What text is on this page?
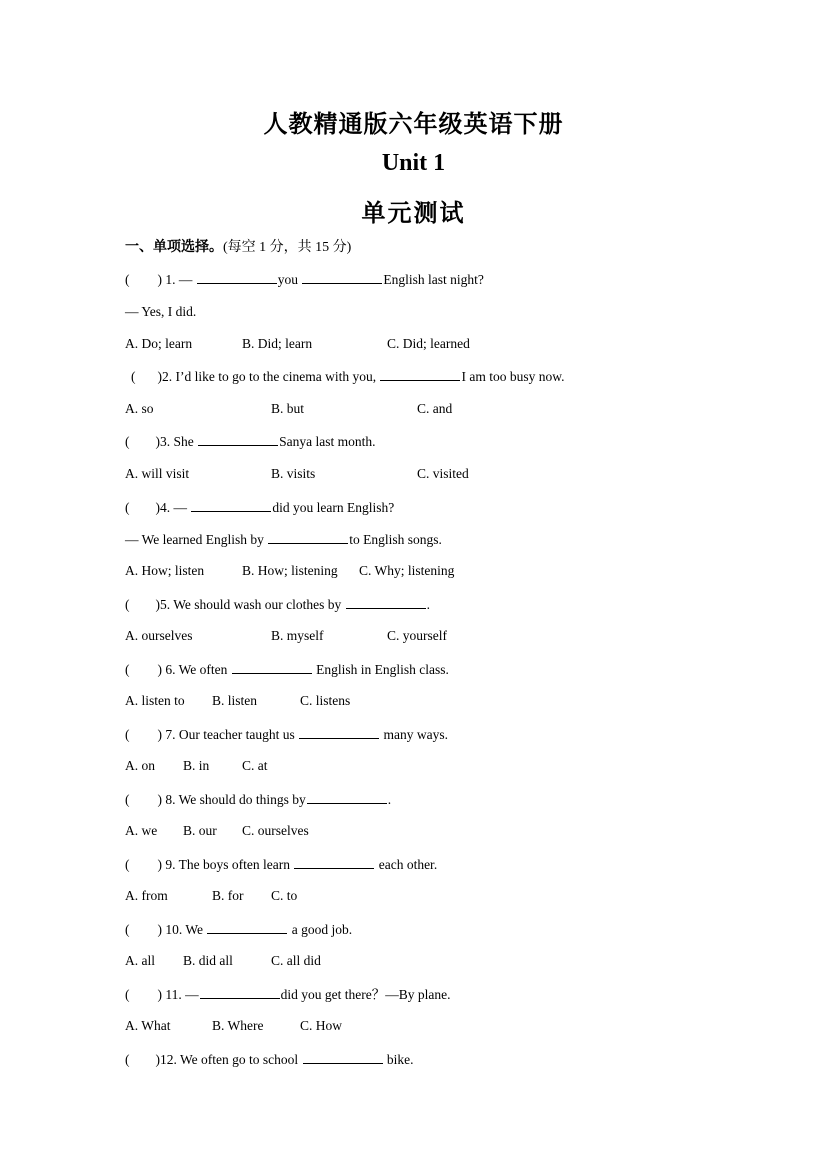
人教精通版六年级英语下册
Unit 1
单元测试
一、单项选择。(每空 1 分，共 15 分)
( ) 1. —	you	English last night?
— Yes, I did.
A. Do; learn	B. Did; learn	C. Did; learned
( )2. I’d like to go to the cinema with you,	I am too busy now.
A. so	B. but	C. and
( )3. She	Sanya last month.
A. will visit	B. visits	C. visited
( )4. —	did you learn English?
— We learned English by	to English songs.
A. How; listen	B. How; listening C. Why; listening
( )5. We should wash our clothes by	.
A. ourselves	B. myself	C. yourself
( ) 6. We often	English in English class.
A. listen to B. listen	C. listens
( ) 7. Our teacher taught us	many ways.
A. on B. in C. at
( ) 8. We should do things by	.
A. we B. our C. ourselves
( ) 9. The boys often learn	each other.
A. from	B. for C. to
( ) 10. We	a good job.
A. all B. did all	C. all did
( ) 11. —	did you get there？—By plane.
A. What	B. Where	C. How
( )12. We often go to school	bike.
